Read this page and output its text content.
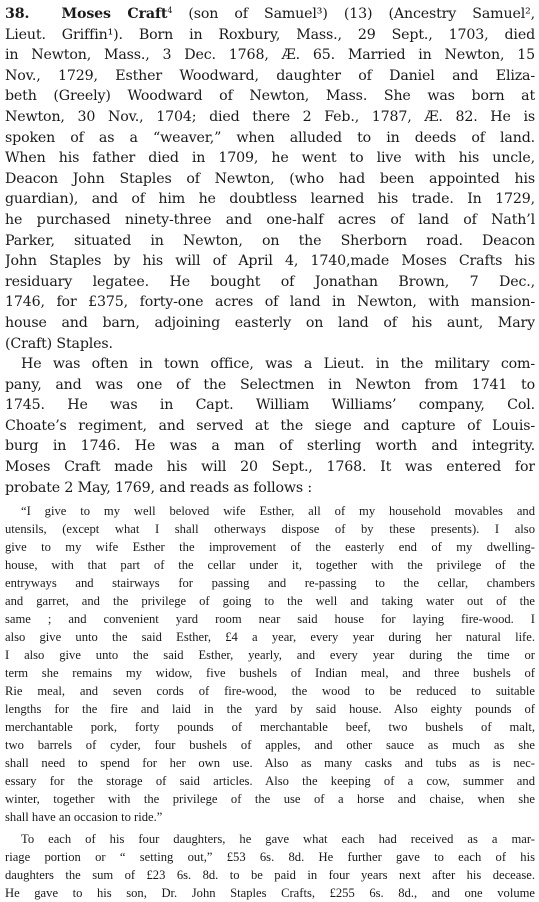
38. Moses Craft$^4$ (son of Samuel³) (13) (Ancestry Samuel²,
Lieut. Griffin¹). Born in Roxbury, Mass., 29 Sept., 1703, died
in Newton, Mass., 3 Dec. 1768, Æ. 65. Married in Newton, 15
Nov., 1729, Esther Woodward, daughter of Daniel and Eliza-
beth (Greely) Woodward of Newton, Mass. She was born at
Newton, 30 Nov., 1704; died there 2 Feb., 1787, Æ. 82. He is
spoken of as a “weaver,” when alluded to in deeds of land.
When his father died in 1709, he went to live with his uncle,
Deacon John Staples of Newton, (who had been appointed his
guardian), and of him he doubtless learned his trade. In 1729,
he purchased ninety-three and one-half acres of land of Nath’l
Parker, situated in Newton, on the Sherborn road. Deacon
John Staples by his will of April 4, 1740,made Moses Crafts his
residuary legatee. He bought of Jonathan Brown, 7 Dec.,
1746, for £375, forty-one acres of land in Newton, with mansion-
house and barn, adjoining easterly on land of his aunt, Mary
(Craft) Staples.
He was often in town office, was a Lieut. in the military com-
pany, and was one of the Selectmen in Newton from 1741 to
1745. He was in Capt. William Williams’ company, Col.
Choate’s regiment, and served at the siege and capture of Louis-
burg in 1746. He was a man of sterling worth and integrity.
Moses Craft made his will 20 Sept., 1768. It was entered for
probate 2 May, 1769, and reads as follows :
“I give to my well beloved wife Esther, all of my household movables and
utensils, (except what I shall otherways dispose of by these presents). I also
give to my wife Esther the improvement of the easterly end of my dwelling-
house, with that part of the cellar under it, together with the privilege of the
entryways and stairways for passing and re-passing to the cellar, chambers
and garret, and the privilege of going to the well and taking water out of the
same ; and convenient yard room near said house for laying fire-wood. I
also give unto the said Esther, £4 a year, every year during her natural life.
I also give unto the said Esther, yearly, and every year during the time or
term she remains my widow, five bushels of Indian meal, and three bushels of
Rie meal, and seven cords of fire-wood, the wood to be reduced to suitable
lengths for the fire and laid in the yard by said house. Also eighty pounds of
merchantable pork, forty pounds of merchantable beef, two bushels of malt,
two barrels of cyder, four bushels of apples, and other sauce as much as she
shall need to spend for her own use. Also as many casks and tubs as is nec-
essary for the storage of said articles. Also the keeping of a cow, summer and
winter, together with the privilege of the use of a horse and chaise, when she
shall have an occasion to ride.”
To each of his four daughters, he gave what each had received as a mar-
riage portion or “ setting out,” £53 6s. 8d. He further gave to each of his
daughters the sum of £23 6s. 8d. to be paid in four years next after his decease.
He gave to his son, Dr. John Staples Crafts, £255 6s. 8d., and one volume
